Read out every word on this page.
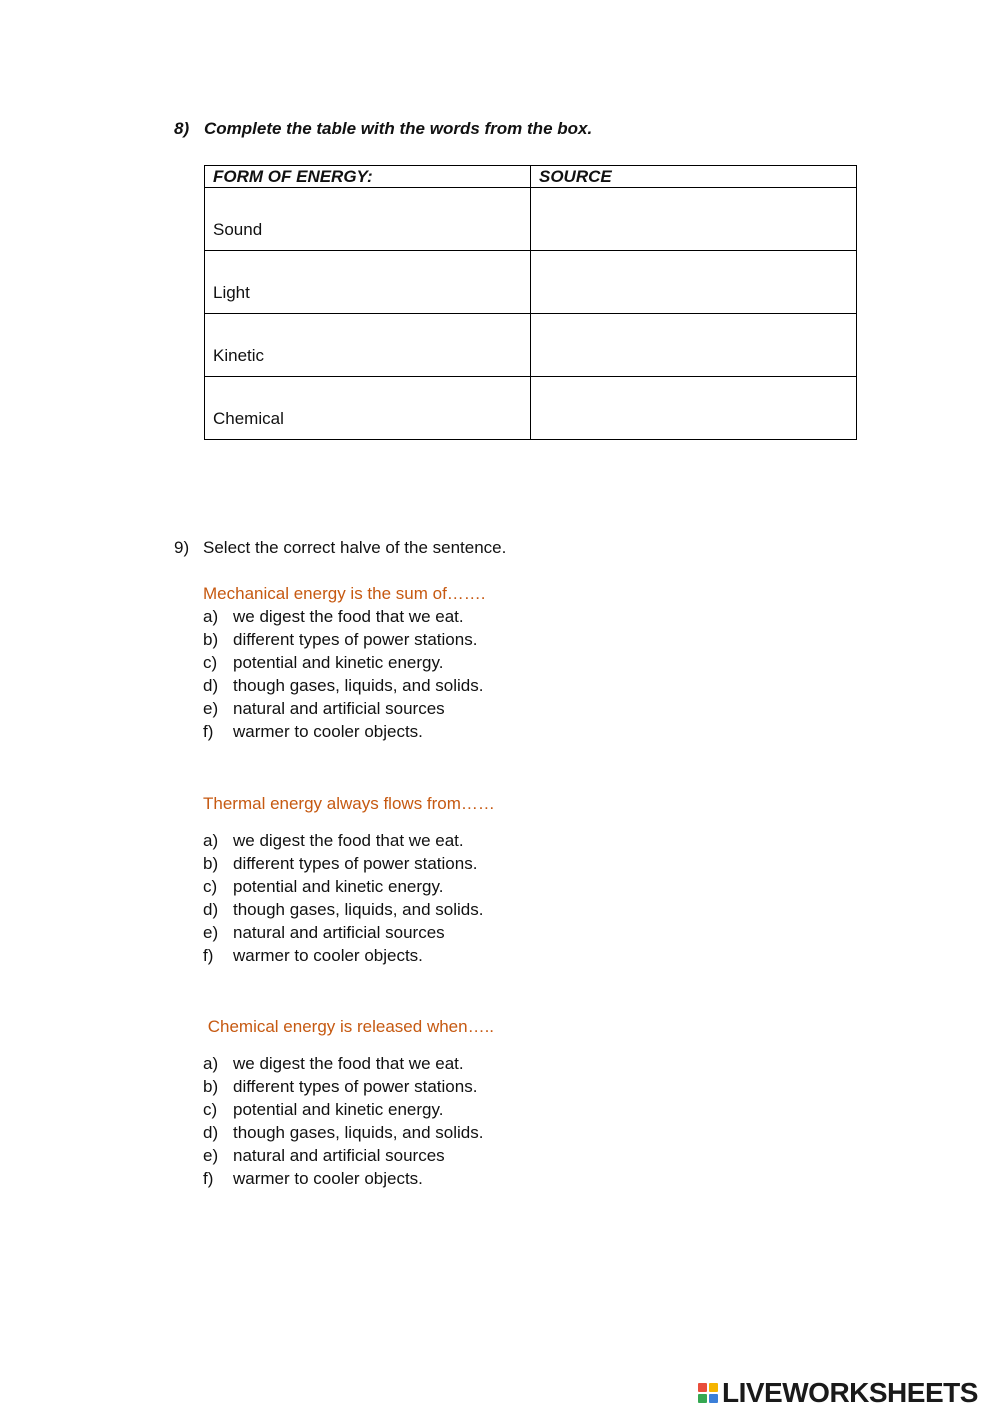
8) Complete the table with the words from the box.
FORM OF ENERGY:	SOURCE
Sound	
Light	
Kinetic	
Chemical	
9) Select the correct halve of the sentence.
Mechanical energy is the sum of…….
a) we digest the food that we eat.
b) different types of power stations.
c) potential and kinetic energy.
d) though gases, liquids, and solids.
e) natural and artificial sources
f) warmer to cooler objects.
Thermal energy always flows from……
a) we digest the food that we eat.
b) different types of power stations.
c) potential and kinetic energy.
d) though gases, liquids, and solids.
e) natural and artificial sources
f) warmer to cooler objects.
Chemical energy is released when…..
a) we digest the food that we eat.
b) different types of power stations.
c) potential and kinetic energy.
d) though gases, liquids, and solids.
e) natural and artificial sources
f) warmer to cooler objects.
LIVEWORKSHEETS
